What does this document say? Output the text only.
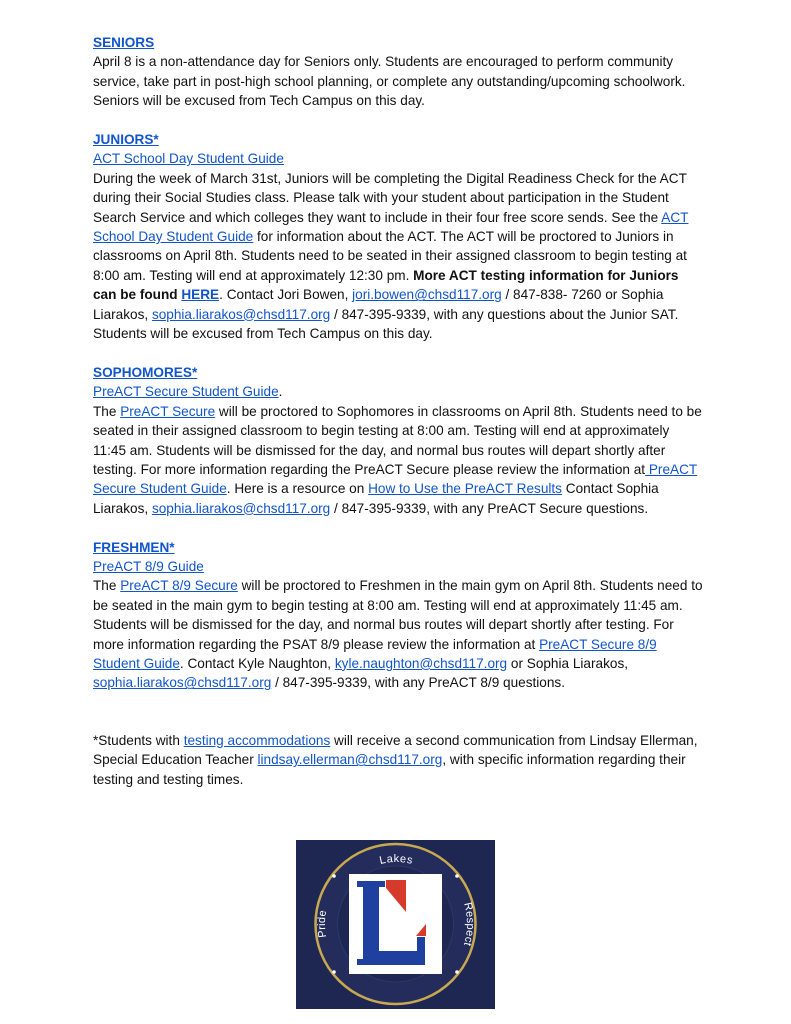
SENIORS

April 8 is a non-attendance day for Seniors only. Students are encouraged to perform community service, take part in post-high school planning, or complete any outstanding/upcoming schoolwork. Seniors will be excused from Tech Campus on this day.

JUNIORS*
ACT School Day Student Guide

During the week of March 31st, Juniors will be completing the Digital Readiness Check for the ACT during their Social Studies class. Please talk with your student about participation in the Student Search Service and which colleges they want to include in their four free score sends. See the ACT School Day Student Guide for information about the ACT. The ACT will be proctored to Juniors in classrooms on April 8th. Students need to be seated in their assigned classroom to begin testing at 8:00 am. Testing will end at approximately 12:30 pm. More ACT testing information for Juniors can be found HERE. Contact Jori Bowen, jori.bowen@chsd117.org / 847-838- 7260 or Sophia Liarakos, sophia.liarakos@chsd117.org / 847-395-9339, with any questions about the Junior SAT. Students will be excused from Tech Campus on this day.

SOPHOMORES*
PreACT Secure Student Guide.

The PreACT Secure will be proctored to Sophomores in classrooms on April 8th. Students need to be seated in their assigned classroom to begin testing at 8:00 am. Testing will end at approximately 11:45 am. Students will be dismissed for the day, and normal bus routes will depart shortly after testing. For more information regarding the PreACT Secure please review the information at PreACT Secure Student Guide. Here is a resource on How to Use the PreACT Results Contact Sophia Liarakos, sophia.liarakos@chsd117.org / 847-395-9339, with any PreACT Secure questions.

FRESHMEN*
PreACT 8/9 Guide

The PreACT 8/9 Secure will be proctored to Freshmen in the main gym on April 8th. Students need to be seated in the main gym to begin testing at 8:00 am. Testing will end at approximately 11:45 am. Students will be dismissed for the day, and normal bus routes will depart shortly after testing. For more information regarding the PSAT 8/9 please review the information at PreACT Secure 8/9 Student Guide. Contact Kyle Naughton, kyle.naughton@chsd117.org or Sophia Liarakos, sophia.liarakos@chsd117.org / 847-395-9339, with any PreACT 8/9 questions.

*Students with testing accommodations will receive a second communication from Lindsay Ellerman, Special Education Teacher lindsay.ellerman@chsd117.org, with specific information regarding their testing and testing times.

Lakes
Respect
Pride
L
